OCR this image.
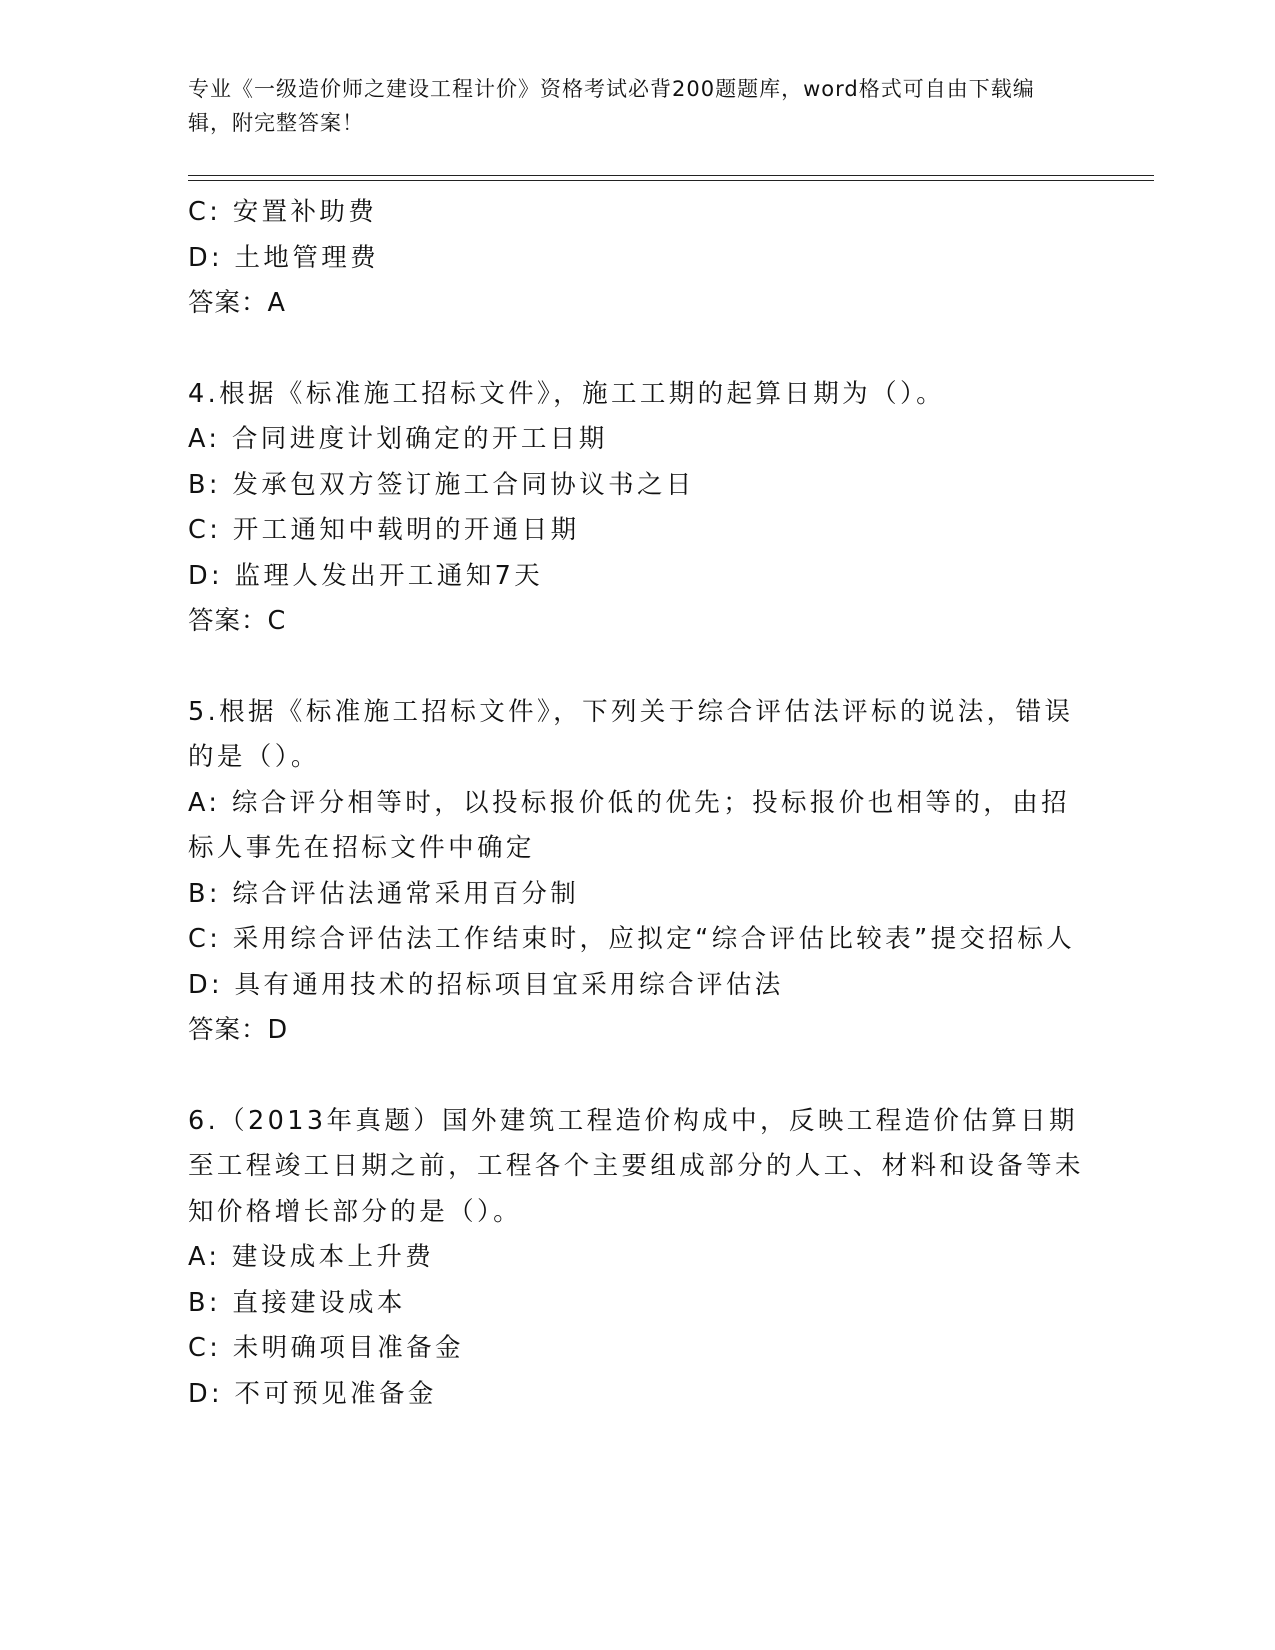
专业《一级造价师之建设工程计价》资格考试必背200题题库，word格式可自由下载编辑，附完整答案！

C: 安置补助费

D: 土地管理费

答案：A

4.根据《标准施工招标文件》，施工工期的起算日期为（）。

A: 合同进度计划确定的开工日期

B: 发承包双方签订施工合同协议书之日

C: 开工通知中载明的开通日期

D: 监理人发出开工通知7天

答案：C

5.根据《标准施工招标文件》，下列关于综合评估法评标的说法，错误的是（）。

A: 综合评分相等时，以投标报价低的优先；投标报价也相等的，由招标人事先在招标文件中确定

B: 综合评估法通常采用百分制

C: 采用综合评估法工作结束时，应拟定“综合评估比较表”提交招标人

D: 具有通用技术的招标项目宜采用综合评估法

答案：D

6.（2013年真题）国外建筑工程造价构成中，反映工程造价估算日期至工程竣工日期之前，工程各个主要组成部分的人工、材料和设备等未知价格增长部分的是（）。

A: 建设成本上升费

B: 直接建设成本

C: 未明确项目准备金

D: 不可预见准备金
